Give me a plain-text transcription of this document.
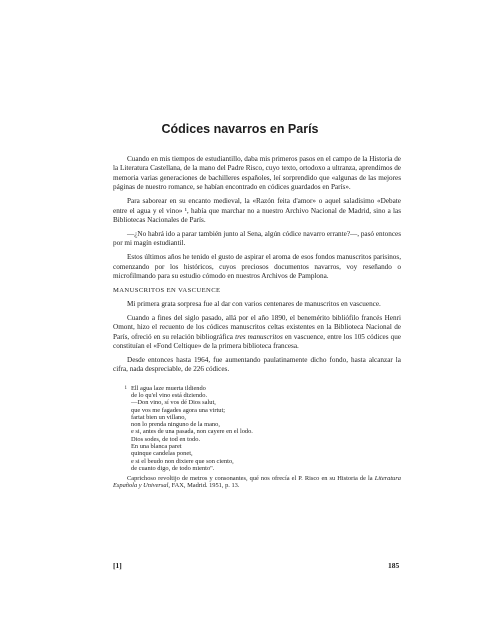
Códices navarros en París

Cuando en mis tiempos de estudiantillo, daba mis primeros pasos en el campo de la Historia de la Literatura Castellana, de la mano del Padre Risco, cuyo texto, ortodoxo a ultranza, aprendimos de memoria varias generaciones de bachilleres españoles, leí sorprendido que «algunas de las mejores páginas de nuestro romance, se habían encontrado en códices guardados en París».

Para saborear en su encanto medieval, la «Razón feita d'amor» o aquel saladísimo «Debate entre el agua y el vino» ¹, había que marchar no a nuestro Archivo Nacional de Madrid, sino a las Bibliotecas Nacionales de París.

—¿No habrá ido a parar también junto al Sena, algún códice navarro errante?—, pasó entonces por mi magín estudiantil.

Estos últimos años he tenido el gusto de aspirar el aroma de esos fondos manuscritos parisinos, comenzando por los históricos, cuyos preciosos documentos navarros, voy reseñando o microfilmando para su estudio cómodo en nuestros Archivos de Pamplona.

MANUSCRITOS EN VASCUENCE

Mi primera grata sorpresa fue al dar con varios centenares de manuscritos en vascuence.

Cuando a fines del siglo pasado, allá por el año 1890, el benemérito bibliófilo francés Henri Omont, hizo el recuento de los códices manuscritos celtas existentes en la Biblioteca Nacional de París, ofreció en su relación bibliográfica tres manuscritos en vascuence, entre los 105 códices que constituían el «Fond Celtique» de la primera biblioteca francesa.

Desde entonces hasta 1964, fue aumentando paulatinamente dicho fondo, hasta alcanzar la cifra, nada despreciable, de 226 códices.

1 Ell agua laze muerta ildiendo
de lo qu'el vino está diziendo.
—Don vino, sí vos dé Dios salut,
que vos me fagades agora una virtut;
fartat bien un villano,
non lo prenda ninguno de la mano,
e si, antes de una pasada, non cayere en el lodo.
Dios sodes, de tod en todo.
En una blanca paret
quinque candelas ponet,
e si el beudo non dixiere que son ciento,
de cuanto digo, de todo miento".
Caprichoso revoltijo de metros y consonantes, qué nos ofrecía el P. Risco en su Historia de la Literatura Española y Universal, FAX, Madrid. 1951, p. 13.
[1]	185
